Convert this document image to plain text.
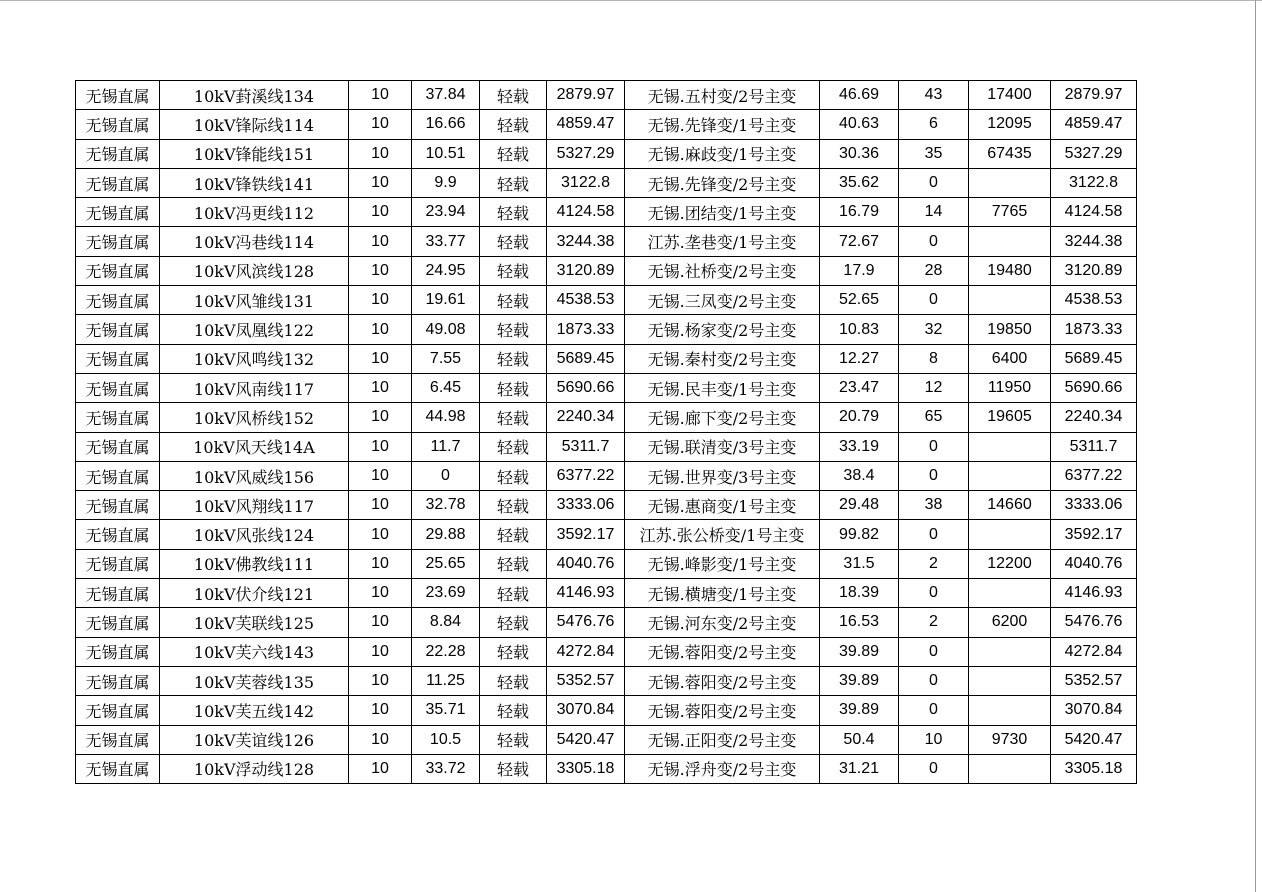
无锡直属	10kV葑溪线134	10	37.84	轻载	2879.97	无锡.五村变/2号主变	46.69	43	17400	2879.97
无锡直属	10kV锋际线114	10	16.66	轻载	4859.47	无锡.先锋变/1号主变	40.63	6	12095	4859.47
无锡直属	10kV锋能线151	10	10.51	轻载	5327.29	无锡.麻歧变/1号主变	30.36	35	67435	5327.29
无锡直属	10kV锋铁线141	10	9.9	轻载	3122.8	无锡.先锋变/2号主变	35.62	0		3122.8
无锡直属	10kV冯更线112	10	23.94	轻载	4124.58	无锡.团结变/1号主变	16.79	14	7765	4124.58
无锡直属	10kV冯巷线114	10	33.77	轻载	3244.38	江苏.垄巷变/1号主变	72.67	0		3244.38
无锡直属	10kV风滨线128	10	24.95	轻载	3120.89	无锡.社桥变/2号主变	17.9	28	19480	3120.89
无锡直属	10kV风雏线131	10	19.61	轻载	4538.53	无锡.三凤变/2号主变	52.65	0		4538.53
无锡直属	10kV凤凰线122	10	49.08	轻载	1873.33	无锡.杨家变/2号主变	10.83	32	19850	1873.33
无锡直属	10kV风鸣线132	10	7.55	轻载	5689.45	无锡.秦村变/2号主变	12.27	8	6400	5689.45
无锡直属	10kV风南线117	10	6.45	轻载	5690.66	无锡.民丰变/1号主变	23.47	12	11950	5690.66
无锡直属	10kV风桥线152	10	44.98	轻载	2240.34	无锡.廊下变/2号主变	20.79	65	19605	2240.34
无锡直属	10kV风天线14A	10	11.7	轻载	5311.7	无锡.联清变/3号主变	33.19	0		5311.7
无锡直属	10kV风威线156	10	0	轻载	6377.22	无锡.世界变/3号主变	38.4	0		6377.22
无锡直属	10kV风翔线117	10	32.78	轻载	3333.06	无锡.惠商变/1号主变	29.48	38	14660	3333.06
无锡直属	10kV风张线124	10	29.88	轻载	3592.17	江苏.张公桥变/1号主变	99.82	0		3592.17
无锡直属	10kV佛教线111	10	25.65	轻载	4040.76	无锡.峰影变/1号主变	31.5	2	12200	4040.76
无锡直属	10kV伏介线121	10	23.69	轻载	4146.93	无锡.横塘变/1号主变	18.39	0		4146.93
无锡直属	10kV芙联线125	10	8.84	轻载	5476.76	无锡.河东变/2号主变	16.53	2	6200	5476.76
无锡直属	10kV芙六线143	10	22.28	轻载	4272.84	无锡.蓉阳变/2号主变	39.89	0		4272.84
无锡直属	10kV芙蓉线135	10	11.25	轻载	5352.57	无锡.蓉阳变/2号主变	39.89	0		5352.57
无锡直属	10kV芙五线142	10	35.71	轻载	3070.84	无锡.蓉阳变/2号主变	39.89	0		3070.84
无锡直属	10kV芙谊线126	10	10.5	轻载	5420.47	无锡.正阳变/2号主变	50.4	10	9730	5420.47
无锡直属	10kV浮动线128	10	33.72	轻载	3305.18	无锡.浮舟变/2号主变	31.21	0		3305.18
